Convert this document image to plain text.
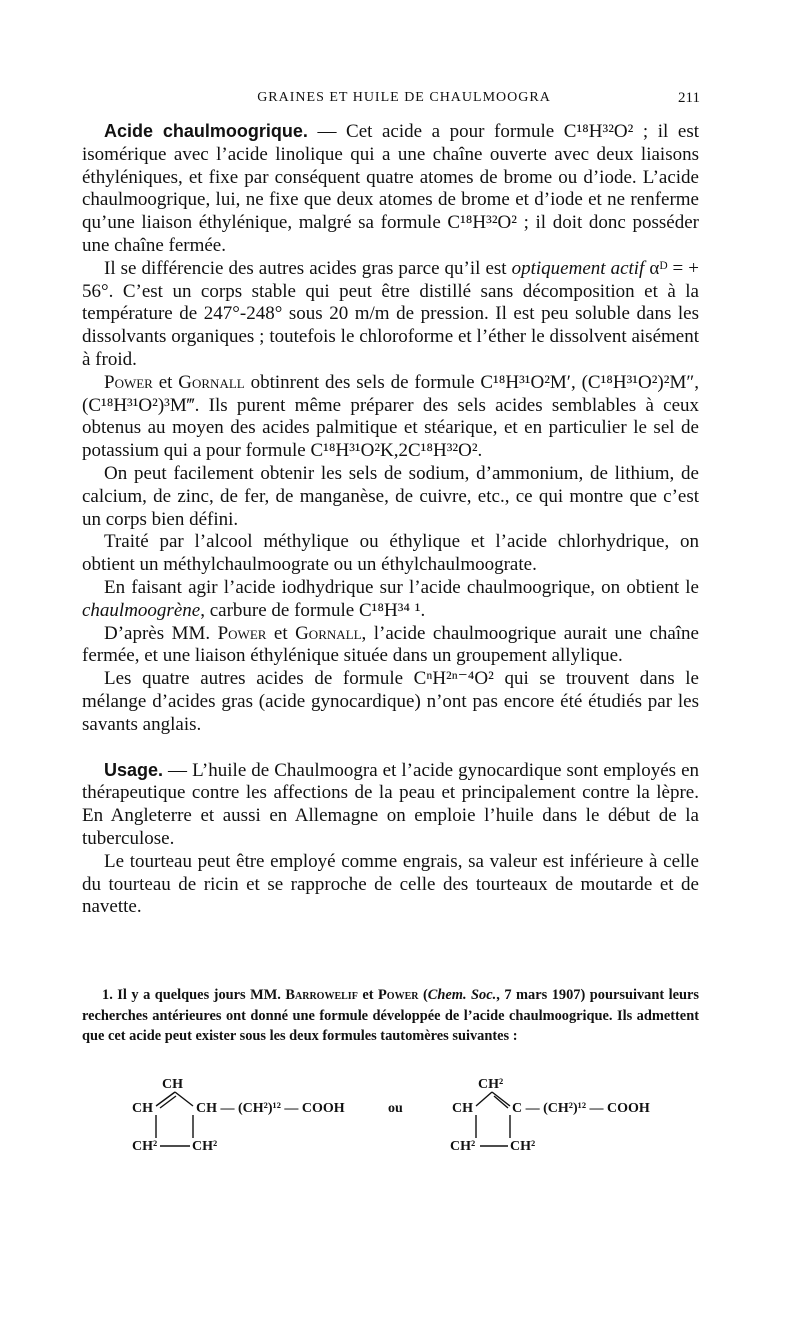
GRAINES ET HUILE DE CHAULMOOGRA	211

Acide chaulmoogrique. — Cet acide a pour formule C¹⁸H³²O² ; il est isomérique avec l’acide linolique qui a une chaîne ouverte avec deux liaisons éthyléniques, et fixe par conséquent quatre atomes de brome ou d’iode. L’acide chaulmoogrique, lui, ne fixe que deux atomes de brome et d’iode et ne renferme qu’une liaison éthylénique, malgré sa formule C¹⁸H³²O² ; il doit donc posséder une chaîne fermée.

Il se différencie des autres acides gras parce qu’il est optiquement actif αᴰ = + 56°. C’est un corps stable qui peut être distillé sans décomposition et à la température de 247°-248° sous 20 m/m de pression. Il est peu soluble dans les dissolvants organiques ; toutefois le chloroforme et l’éther le dissolvent aisément à froid.

Power et Gornall obtinrent des sels de formule C¹⁸H³¹O²M′, (C¹⁸H³¹O²)²M″, (C¹⁸H³¹O²)³M‴. Ils purent même préparer des sels acides semblables à ceux obtenus au moyen des acides palmitique et stéarique, et en particulier le sel de potassium qui a pour formule C¹⁸H³¹O²K,2C¹⁸H³²O².

On peut facilement obtenir les sels de sodium, d’ammonium, de lithium, de calcium, de zinc, de fer, de manganèse, de cuivre, etc., ce qui montre que c’est un corps bien défini.

Traité par l’alcool méthylique ou éthylique et l’acide chlorhydrique, on obtient un méthylchaulmoograte ou un éthylchaulmoograte.

En faisant agir l’acide iodhydrique sur l’acide chaulmoogrique, on obtient le chaulmoogrène, carbure de formule C¹⁸H³⁴ ¹.

D’après MM. Power et Gornall, l’acide chaulmoogrique aurait une chaîne fermée, et une liaison éthylénique située dans un groupement allylique.

Les quatre autres acides de formule CⁿH²ⁿ⁻⁴O² qui se trouvent dans le mélange d’acides gras (acide gynocardique) n’ont pas encore été étudiés par les savants anglais.

Usage. — L’huile de Chaulmoogra et l’acide gynocardique sont employés en thérapeutique contre les affections de la peau et principalement contre la lèpre. En Angleterre et aussi en Allemagne on emploie l’huile dans le début de la tuberculose.

Le tourteau peut être employé comme engrais, sa valeur est inférieure à celle du tourteau de ricin et se rapproche de celle des tourteaux de moutarde et de navette.

1. Il y a quelques jours MM. Barrowelif et Power (Chem. Soc., 7 mars 1907) poursuivant leurs recherches antérieures ont donné une formule développée de l’acide chaulmoogrique. Ils admettent que cet acide peut exister sous les deux formules tautomères suivantes :

CH
CH	CH — (CH²)¹² — COOH
CH² CH²
ou
CH²
CH	C — (CH²)¹² — COOH
CH² CH²
